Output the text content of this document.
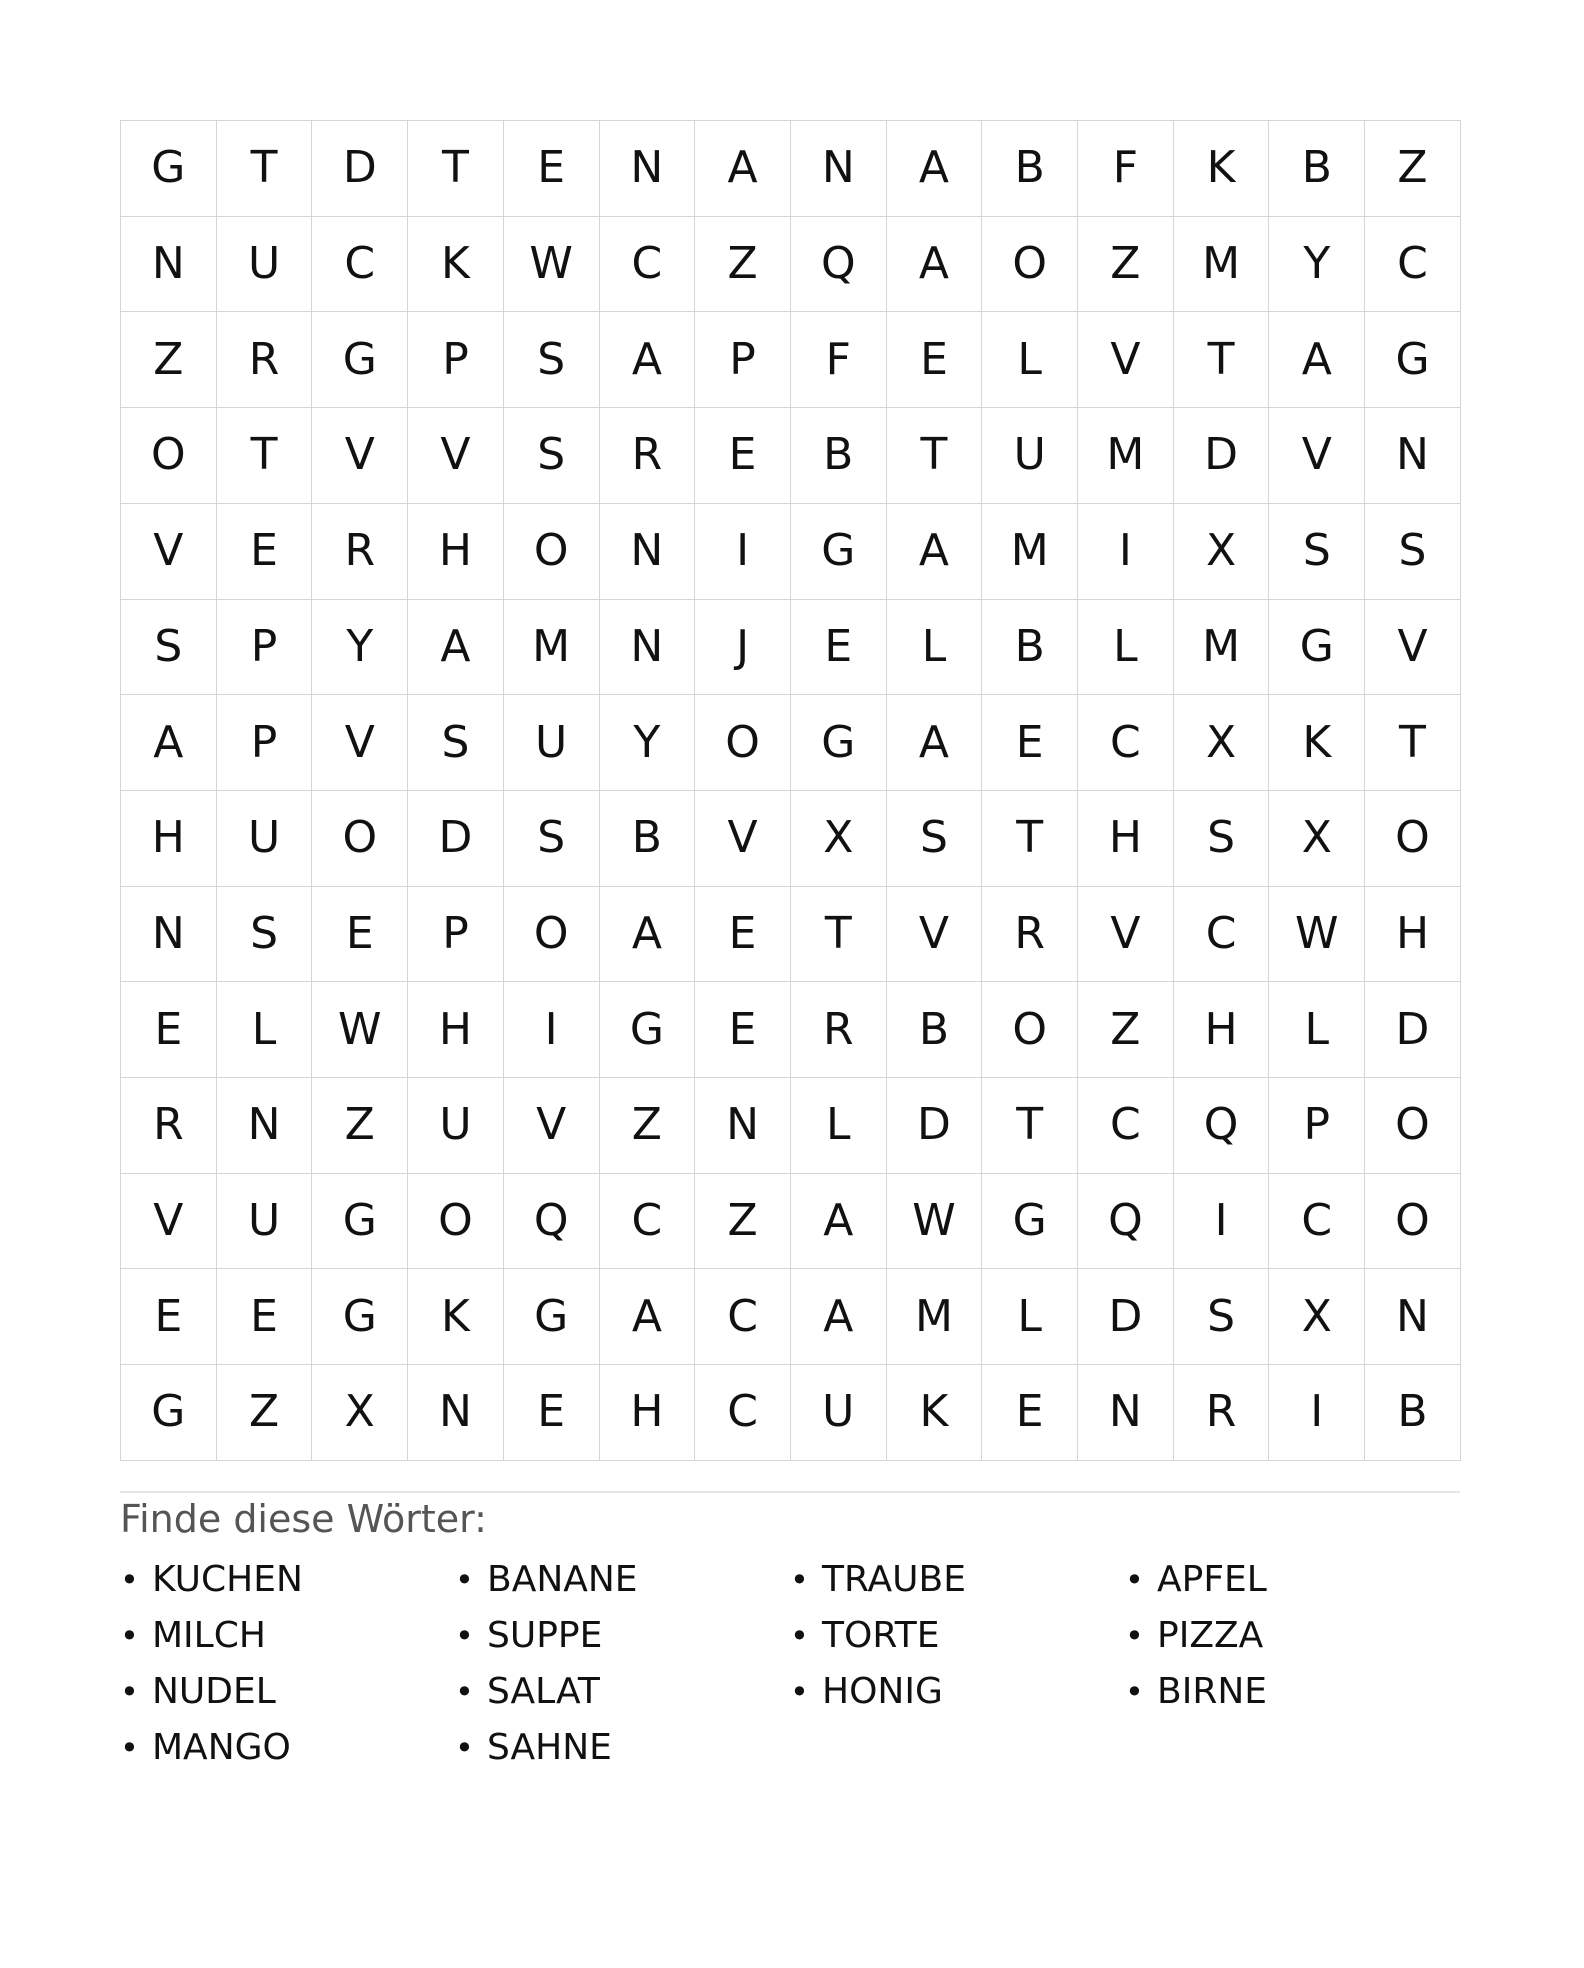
G	T	D	T	E	N	A	N	A	B	F	K	B	Z
N	U	C	K	W	C	Z	Q	A	O	Z	M	Y	C
Z	R	G	P	S	A	P	F	E	L	V	T	A	G
O	T	V	V	S	R	E	B	T	U	M	D	V	N
V	E	R	H	O	N	I	G	A	M	I	X	S	S
S	P	Y	A	M	N	J	E	L	B	L	M	G	V
A	P	V	S	U	Y	O	G	A	E	C	X	K	T
H	U	O	D	S	B	V	X	S	T	H	S	X	O
N	S	E	P	O	A	E	T	V	R	V	C	W	H
E	L	W	H	I	G	E	R	B	O	Z	H	L	D
R	N	Z	U	V	Z	N	L	D	T	C	Q	P	O
V	U	G	O	Q	C	Z	A	W	G	Q	I	C	O
E	E	G	K	G	A	C	A	M	L	D	S	X	N
G	Z	X	N	E	H	C	U	K	E	N	R	I	B
Finde diese Wörter:
• KUCHEN	• BANANE	• TRAUBE	• APFEL
• MILCH	• SUPPE	• TORTE	• PIZZA
• NUDEL	• SALAT	• HONIG	• BIRNE
• MANGO	• SAHNE
